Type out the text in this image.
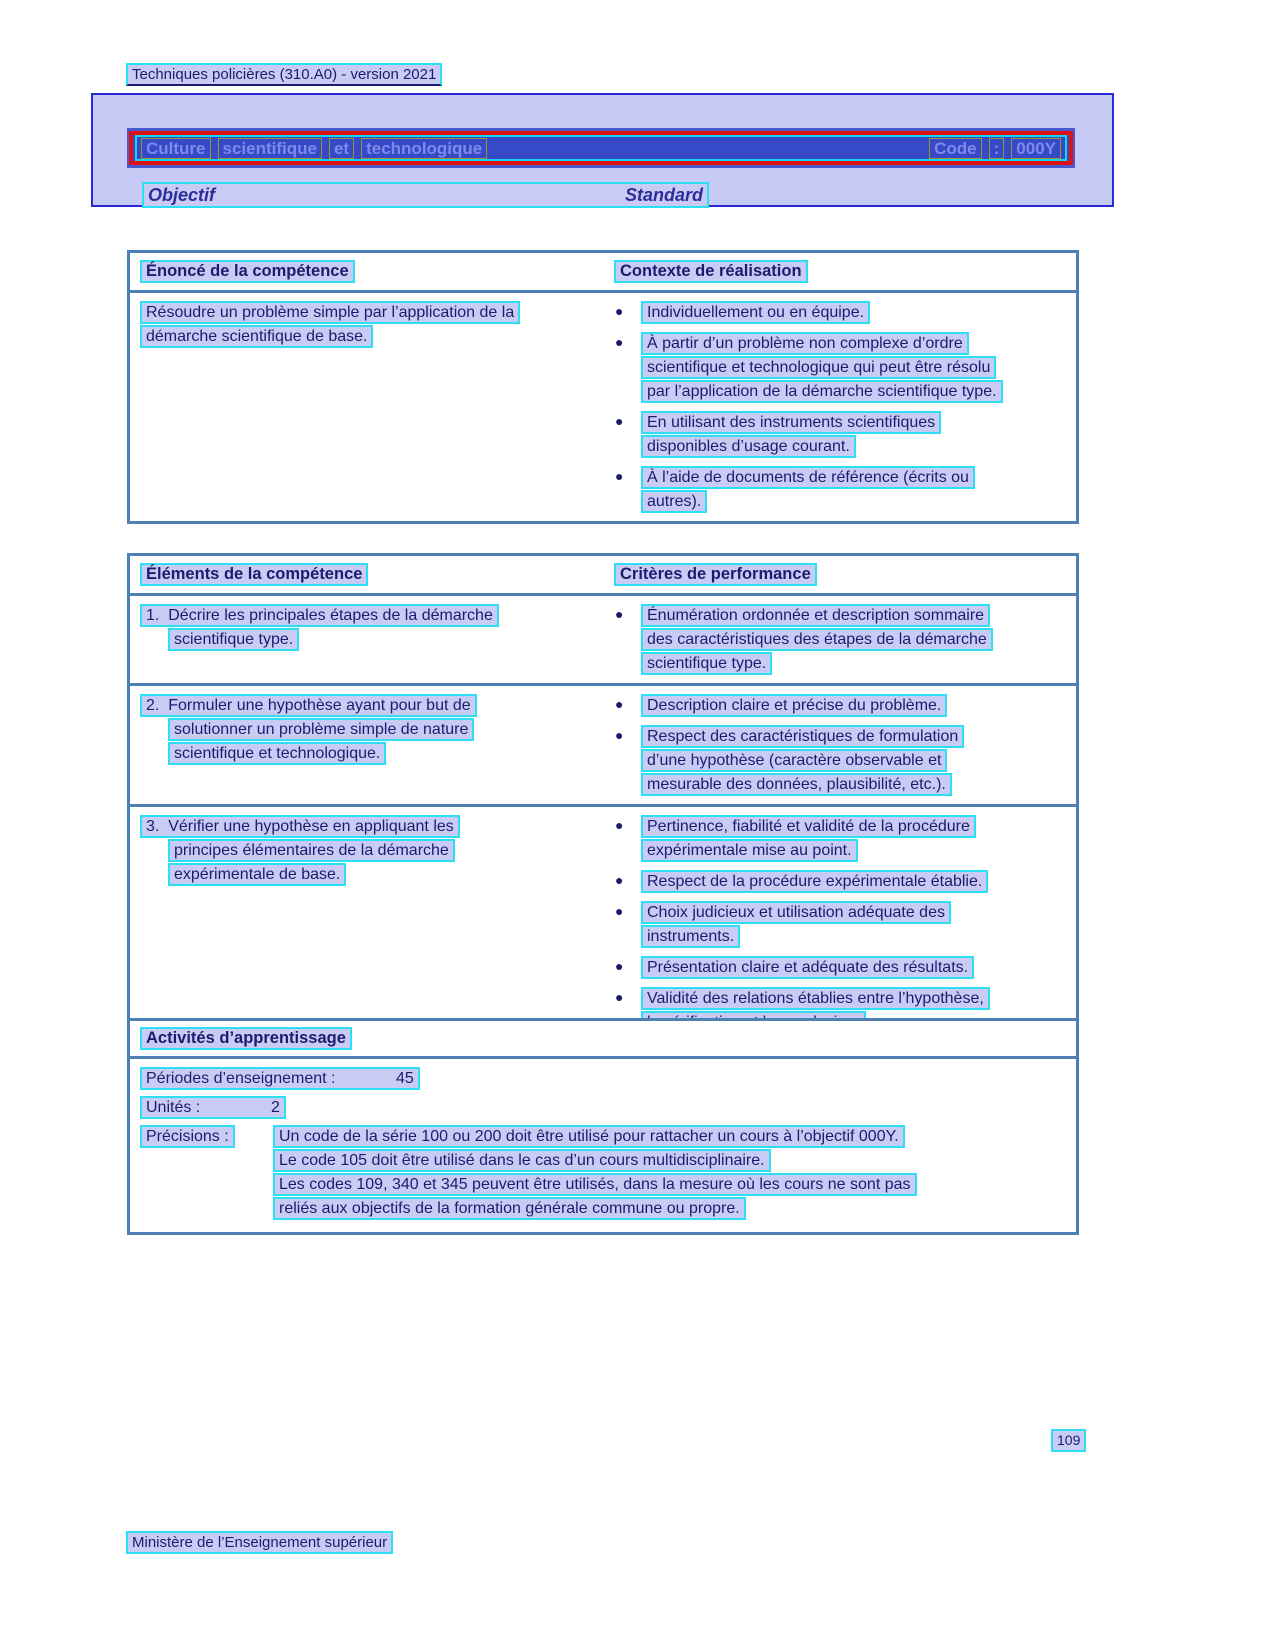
Techniques policières (310.A0) - version 2021
Culture scientifique et technologique	Code : 000Y
Objectif	Standard
Énoncé de la compétence	Contexte de réalisation
Résoudre un problème simple par l’application de la
démarche scientifique de base.
●	Individuellement ou en équipe.
●	À partir d’un problème non complexe d’ordre
scientifique et technologique qui peut être résolu
par l’application de la démarche scientifique type.
●	En utilisant des instruments scientifiques
disponibles d’usage courant.
●	À l’aide de documents de référence (écrits ou
autres).
Éléments de la compétence	Critères de performance
1.  Décrire les principales étapes de la démarche
scientifique type.
●	Énumération ordonnée et description sommaire
des caractéristiques des étapes de la démarche
scientifique type.
2.  Formuler une hypothèse ayant pour but de
solutionner un problème simple de nature
scientifique et technologique.
●	Description claire et précise du problème.
●	Respect des caractéristiques de formulation
d’une hypothèse (caractère observable et
mesurable des données, plausibilité, etc.).
3.  Vérifier une hypothèse en appliquant les
principes élémentaires de la démarche
expérimentale de base.
●	Pertinence, fiabilité et validité de la procédure
expérimentale mise au point.
●	Respect de la procédure expérimentale établie.
●	Choix judicieux et utilisation adéquate des
instruments.
●	Présentation claire et adéquate des résultats.
●	Validité des relations établies entre l’hypothèse,
Activités d’apprentissage
Périodes d’enseignement :	45
Unités :	2
Précisions :	Un code de la série 100 ou 200 doit être utilisé pour rattacher un cours à l’objectif 000Y.
Le code 105 doit être utilisé dans le cas d’un cours multidisciplinaire.
Les codes 109, 340 et 345 peuvent être utilisés, dans la mesure où les cours ne sont pas
reliés aux objectifs de la formation générale commune ou propre.
109
Ministère de l’Enseignement supérieur
